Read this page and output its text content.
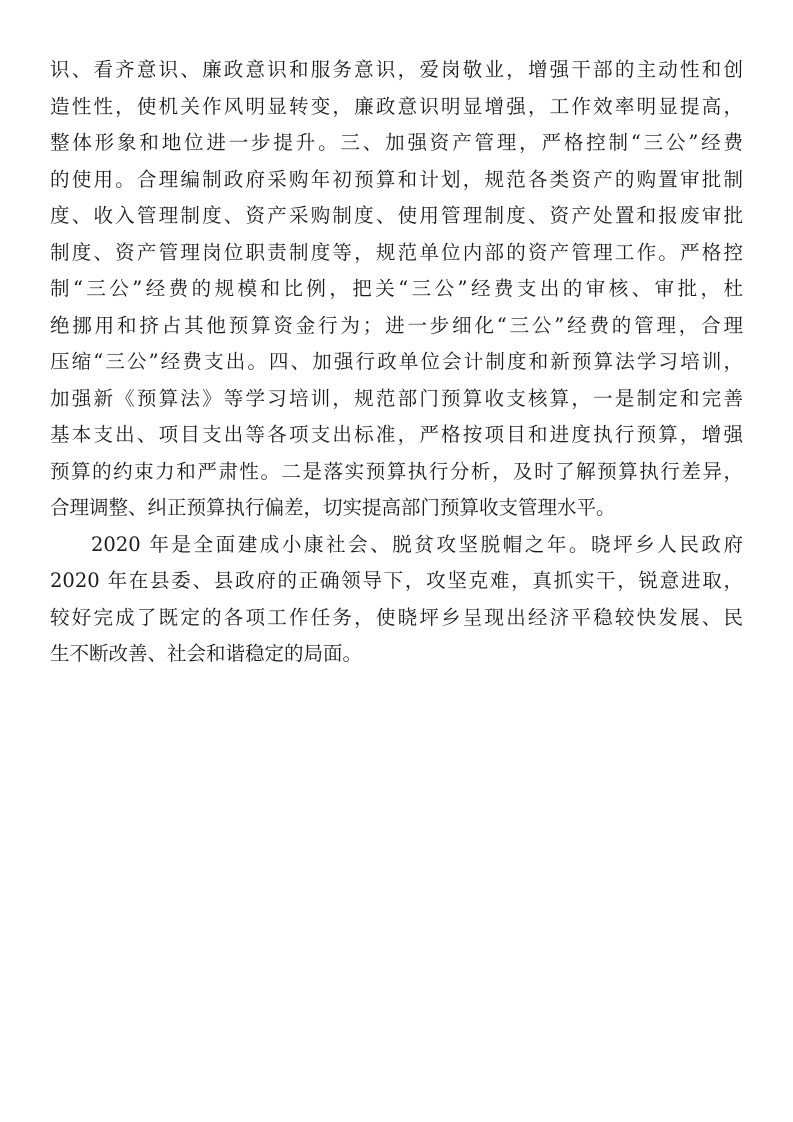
识、看齐意识、廉政意识和服务意识，爱岗敬业，增强干部的主动性和创

造性性，使机关作风明显转变，廉政意识明显增强，工作效率明显提高，

整体形象和地位进一步提升。三、加强资产管理，严格控制“三公”经费

的使用。合理编制政府采购年初预算和计划，规范各类资产的购置审批制

度、收入管理制度、资产采购制度、使用管理制度、资产处置和报废审批

制度、资产管理岗位职责制度等，规范单位内部的资产管理工作。严格控

制“三公”经费的规模和比例，把关“三公”经费支出的审核、审批，杜

绝挪用和挤占其他预算资金行为；进一步细化“三公”经费的管理，合理

压缩“三公”经费支出。四、加强行政单位会计制度和新预算法学习培训，

加强新《预算法》等学习培训，规范部门预算收支核算，一是制定和完善

基本支出、项目支出等各项支出标准，严格按项目和进度执行预算，增强

预算的约束力和严肃性。二是落实预算执行分析，及时了解预算执行差异，

合理调整、纠正预算执行偏差，切实提高部门预算收支管理水平。

2020 年是全面建成小康社会、脱贫攻坚脱帽之年。晓坪乡人民政府

2020 年在县委、县政府的正确领导下，攻坚克难，真抓实干，锐意进取，

较好完成了既定的各项工作任务，使晓坪乡呈现出经济平稳较快发展、民

生不断改善、社会和谐稳定的局面。
